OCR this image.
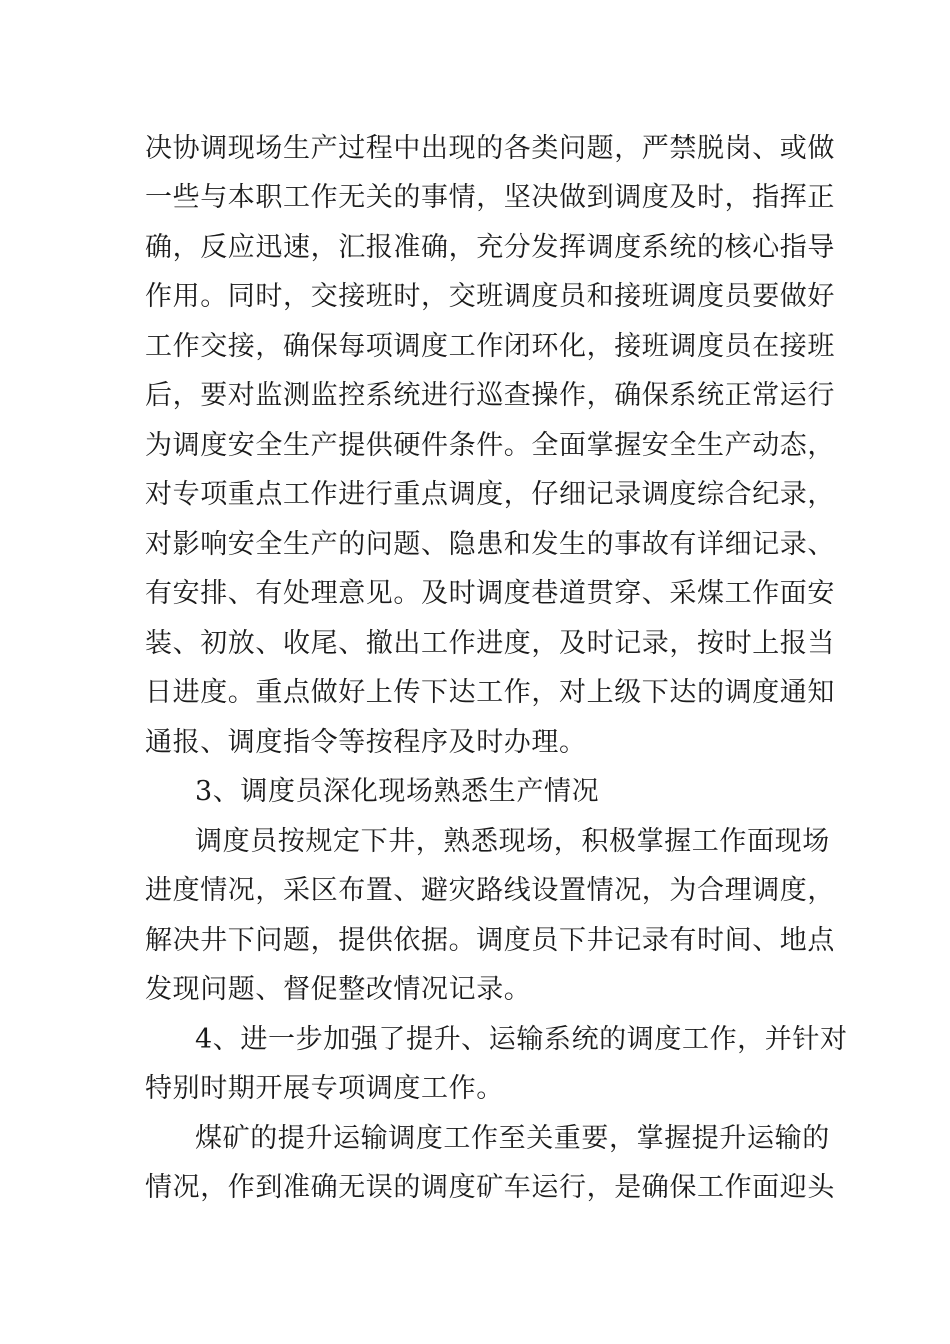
决协调现场生产过程中出现的各类问题，严禁脱岗、或做
一些与本职工作无关的事情，坚决做到调度及时，指挥正
确，反应迅速，汇报准确，充分发挥调度系统的核心指导
作用。同时，交接班时，交班调度员和接班调度员要做好
工作交接，确保每项调度工作闭环化，接班调度员在接班
后，要对监测监控系统进行巡查操作，确保系统正常运行
为调度安全生产提供硬件条件。全面掌握安全生产动态，
对专项重点工作进行重点调度，仔细记录调度综合纪录，
对影响安全生产的问题、隐患和发生的事故有详细记录、
有安排、有处理意见。及时调度巷道贯穿、采煤工作面安
装、初放、收尾、撤出工作进度，及时记录，按时上报当
日进度。重点做好上传下达工作，对上级下达的调度通知
通报、调度指令等按程序及时办理。
3、调度员深化现场熟悉生产情况
调度员按规定下井，熟悉现场，积极掌握工作面现场
进度情况，采区布置、避灾路线设置情况，为合理调度，
解决井下问题，提供依据。调度员下井记录有时间、地点
发现问题、督促整改情况记录。
4、进一步加强了提升、运输系统的调度工作，并针对
特别时期开展专项调度工作。
煤矿的提升运输调度工作至关重要，掌握提升运输的
情况，作到准确无误的调度矿车运行，是确保工作面迎头
